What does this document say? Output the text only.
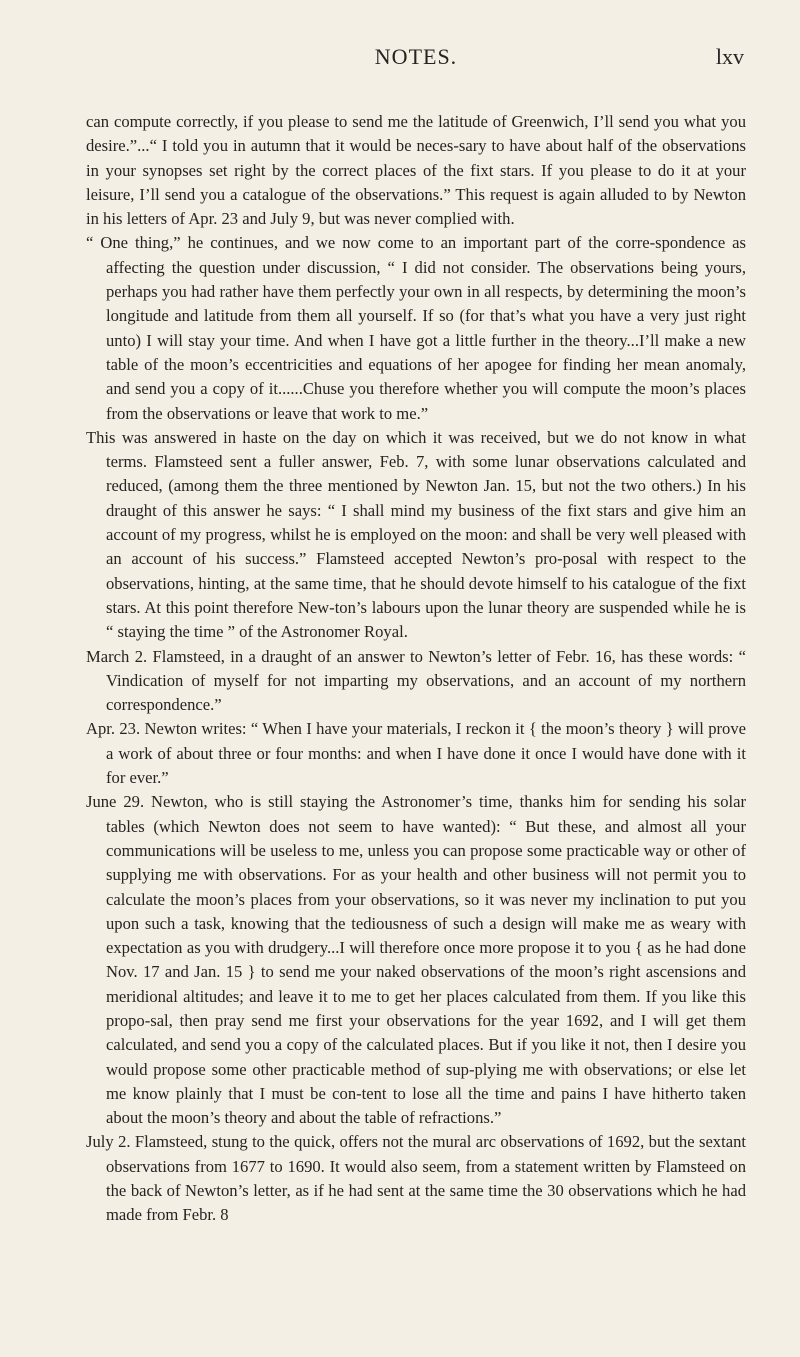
NOTES.	lxv

can compute correctly, if you please to send me the latitude of Greenwich, I’ll send you what you desire.”...“ I told you in autumn that it would be neces-sary to have about half of the observations in your synopses set right by the correct places of the fixt stars. If you please to do it at your leisure, I’ll send you a catalogue of the observations.” This request is again alluded to by Newton in his letters of Apr. 23 and July 9, but was never complied with.

“ One thing,” he continues, and we now come to an important part of the corre-spondence as affecting the question under discussion, “ I did not consider. The observations being yours, perhaps you had rather have them perfectly your own in all respects, by determining the moon’s longitude and latitude from them all yourself. If so (for that’s what you have a very just right unto) I will stay your time. And when I have got a little further in the theory...I’ll make a new table of the moon’s eccentricities and equations of her apogee for finding her mean anomaly, and send you a copy of it......Chuse you therefore whether you will compute the moon’s places from the observations or leave that work to me.”

This was answered in haste on the day on which it was received, but we do not know in what terms. Flamsteed sent a fuller answer, Feb. 7, with some lunar observations calculated and reduced, (among them the three mentioned by Newton Jan. 15, but not the two others.) In his draught of this answer he says: “ I shall mind my business of the fixt stars and give him an account of my progress, whilst he is employed on the moon: and shall be very well pleased with an account of his success.” Flamsteed accepted Newton’s pro-posal with respect to the observations, hinting, at the same time, that he should devote himself to his catalogue of the fixt stars. At this point therefore New-ton’s labours upon the lunar theory are suspended while he is “ staying the time ” of the Astronomer Royal.

March 2. Flamsteed, in a draught of an answer to Newton’s letter of Febr. 16, has these words: “ Vindication of myself for not imparting my observations, and an account of my northern correspondence.”

Apr. 23. Newton writes: “ When I have your materials, I reckon it { the moon’s theory } will prove a work of about three or four months: and when I have done it once I would have done with it for ever.”

June 29. Newton, who is still staying the Astronomer’s time, thanks him for sending his solar tables (which Newton does not seem to have wanted): “ But these, and almost all your communications will be useless to me, unless you can propose some practicable way or other of supplying me with observations. For as your health and other business will not permit you to calculate the moon’s places from your observations, so it was never my inclination to put you upon such a task, knowing that the tediousness of such a design will make me as weary with expectation as you with drudgery...I will therefore once more propose it to you { as he had done Nov. 17 and Jan. 15 } to send me your naked observations of the moon’s right ascensions and meridional altitudes; and leave it to me to get her places calculated from them. If you like this propo-sal, then pray send me first your observations for the year 1692, and I will get them calculated, and send you a copy of the calculated places. But if you like it not, then I desire you would propose some other practicable method of sup-plying me with observations; or else let me know plainly that I must be con-tent to lose all the time and pains I have hitherto taken about the moon’s theory and about the table of refractions.”

July 2. Flamsteed, stung to the quick, offers not the mural arc observations of 1692, but the sextant observations from 1677 to 1690. It would also seem, from a statement written by Flamsteed on the back of Newton’s letter, as if he had sent at the same time the 30 observations which he had made from Febr. 8
